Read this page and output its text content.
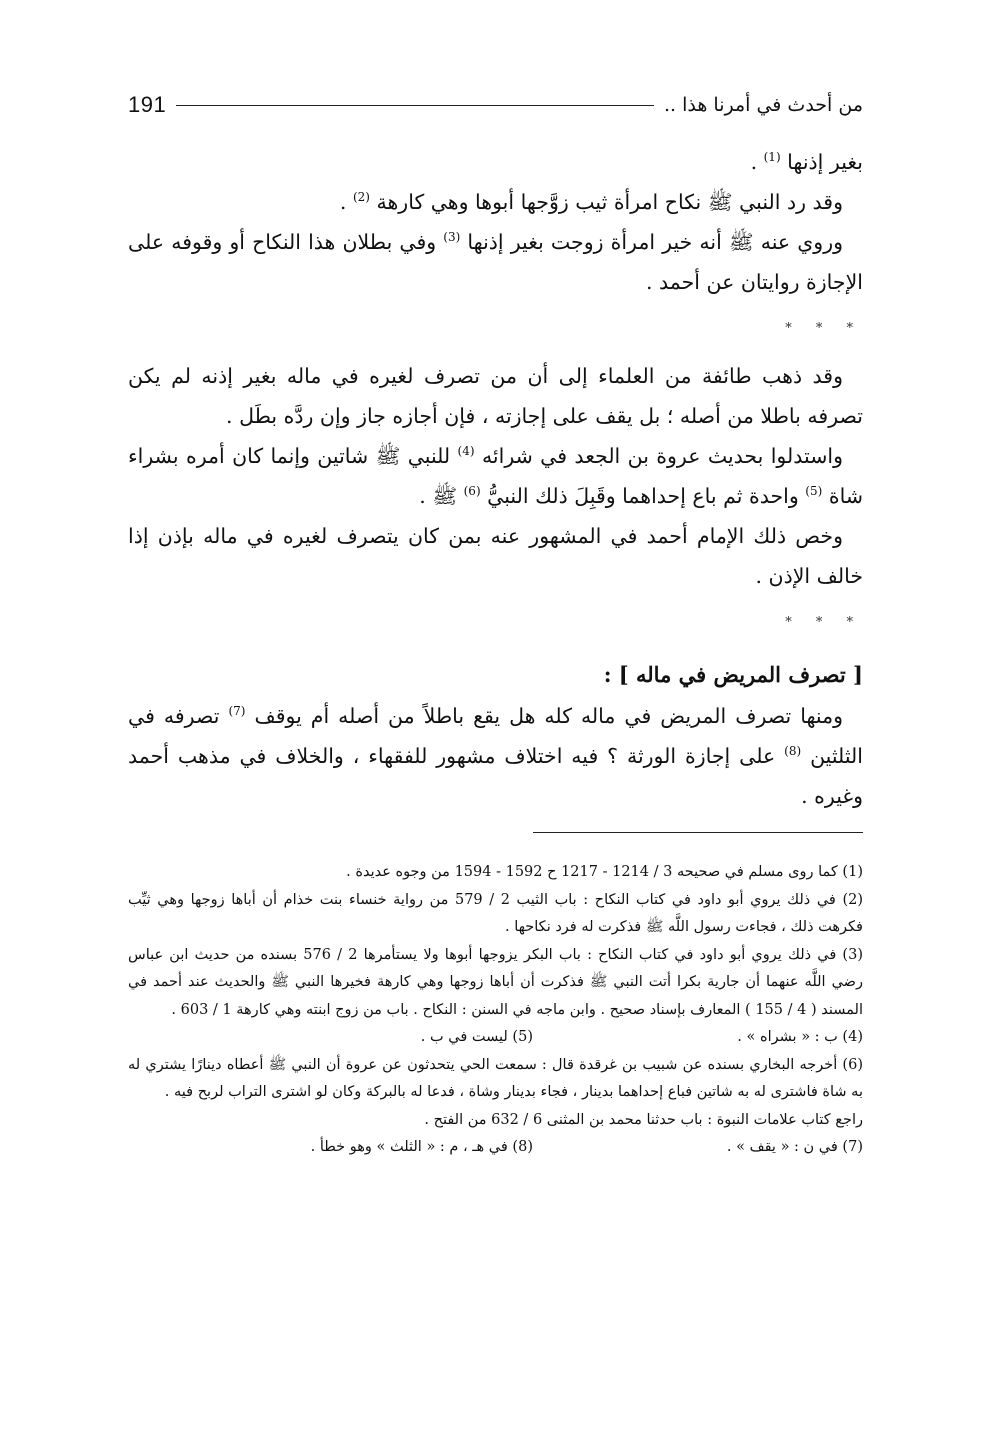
من أحدث في أمرنا هذا ..
191

بغير إذنها $^{(1)}$ .

وقد رد النبي ﷺ نكاح امرأة ثيب زوَّجها أبوها وهي كارهة $^{(2)}$ .

وروي عنه ﷺ أنه خير امرأة زوجت بغير إذنها $^{(3)}$ وفي بطلان هذا النكاح أو وقوفه على الإجازة روايتان عن أحمد .

* * *

وقد ذهب طائفة من العلماء إلى أن من تصرف لغيره في ماله بغير إذنه لم يكن تصرفه باطلا من أصله ؛ بل يقف على إجازته ، فإن أجازه جاز وإن ردَّه بطَل .

واستدلوا بحديث عروة بن الجعد في شرائه $^{(4)}$ للنبي ﷺ شاتين وإنما كان أمره بشراء شاة $^{(5)}$ واحدة ثم باع إحداهما وقَبِلَ ذلك النبيُّ $^{(6)}$ ﷺ .

وخص ذلك الإمام أحمد في المشهور عنه بمن كان يتصرف لغيره في ماله بإذن إذا خالف الإذن .

* * *
[ تصرف المريض في ماله ] :

ومنها تصرف المريض في ماله كله هل يقع باطلاً من أصله أم يوقف $^{(7)}$ تصرفه في الثلثين $^{(8)}$ على إجازة الورثة ؟ فيه اختلاف مشهور للفقهاء ، والخلاف في مذهب أحمد وغيره .

(1) كما روى مسلم في صحيحه 3 / 1214 - 1217 ح 1592 - 1594 من وجوه عديدة .

(2) في ذلك يروي أبو داود في كتاب النكاح : باب الثيب 2 / 579 من رواية خنساء بنت خذام أن أباها زوجها وهي ثيِّب فكرهت ذلك ، فجاءت رسول اللَّه ﷺ فذكرت له فرد نكاحها .

(3) في ذلك يروي أبو داود في كتاب النكاح : باب البكر يزوجها أبوها ولا يستأمرها 2 / 576 بسنده من حديث ابن عباس رضي اللَّه عنهما أن جارية بكرا أتت النبي ﷺ فذكرت أن أباها زوجها وهي كارهة فخيرها النبي ﷺ والحديث عند أحمد في المسند ( 4 / 155 ) المعارف بإسناد صحيح . وابن ماجه في السنن : النكاح . باب من زوج ابنته وهي كارهة 1 / 603 .

(4) ب : « بشراه » .
(5) ليست في ب .

(6) أخرجه البخاري بسنده عن شبيب بن غرقدة قال : سمعت الحي يتحدثون عن عروة أن النبي ﷺ أعطاه دينارًا يشتري له به شاة فاشترى له به شاتين فباع إحداهما بدينار ، فجاء بدينار وشاة ، فدعا له بالبركة وكان لو اشترى التراب لربح فيه .

راجع كتاب علامات النبوة : باب حدثنا محمد بن المثنى 6 / 632 من الفتح .

(7) في ن : « يقف » .
(8) في هـ ، م : « الثلث » وهو خطأ .
